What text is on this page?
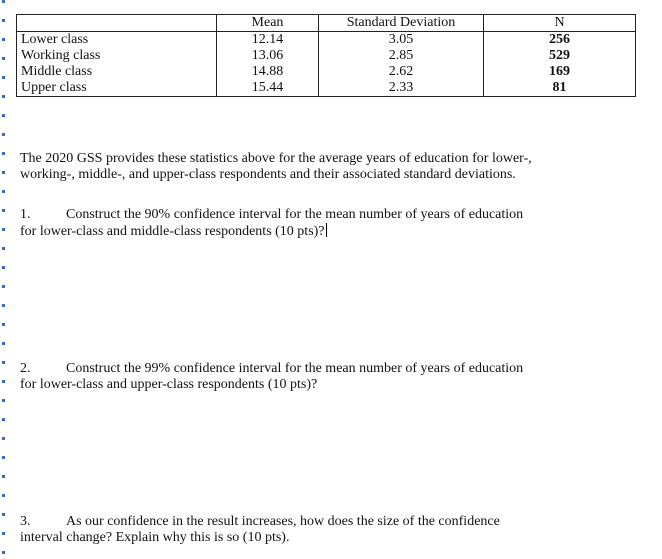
	Mean	Standard Deviation	N
Lower class	12.14	3.05	256
Working class	13.06	2.85	529
Middle class	14.88	2.62	169
Upper class	15.44	2.33	81

The 2020 GSS provides these statistics above for the average years of education for lower-, working-, middle-, and upper-class respondents and their associated standard deviations.

1.	Construct the 90% confidence interval for the mean number of years of education for lower-class and middle-class respondents (10 pts)?

2.	Construct the 99% confidence interval for the mean number of years of education for lower-class and upper-class respondents (10 pts)?

3.	As our confidence in the result increases, how does the size of the confidence interval change? Explain why this is so (10 pts).
